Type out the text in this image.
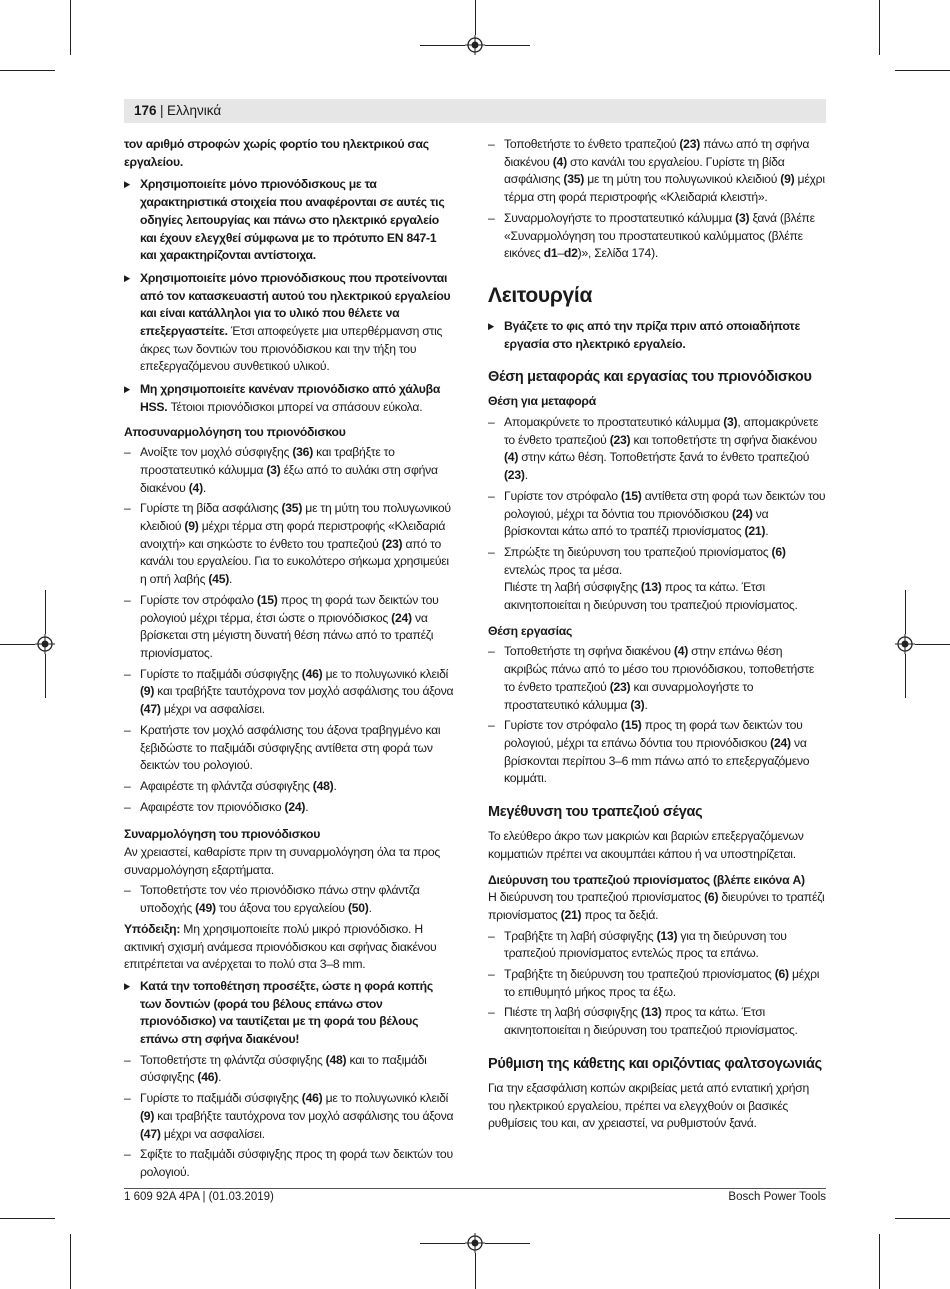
176 | Ελληνικά

τον αριθμό στροφών χωρίς φορτίο του ηλεκτρικού σας εργαλείου.

▶ Χρησιμοποιείτε μόνο πριονόδισκους με τα χαρακτηριστικά στοιχεία που αναφέρονται σε αυτές τις οδηγίες λειτουργίας και πάνω στο ηλεκτρικό εργαλείο και έχουν ελεγχθεί σύμφωνα με το πρότυπο EN 847-1 και χαρακτηρίζονται αντίστοιχα.

▶ Χρησιμοποιείτε μόνο πριονόδισκους που προτείνονται από τον κατασκευαστή αυτού του ηλεκτρικού εργαλείου και είναι κατάλληλοι για το υλικό που θέλετε να επεξεργαστείτε. Έτσι αποφεύγετε μια υπερθέρμανση στις άκρες των δοντιών του πριονόδισκου και την τήξη του επεξεργαζόμενου συνθετικού υλικού.

▶ Μη χρησιμοποιείτε κανέναν πριονόδισκο από χάλυβα HSS. Τέτοιοι πριονόδισκοι μπορεί να σπάσουν εύκολα.

Αποσυναρμολόγηση του πριονόδισκου

– Ανοίξτε τον μοχλό σύσφιγξης (36) και τραβήξτε το προστατευτικό κάλυμμα (3) έξω από το αυλάκι στη σφήνα διακένου (4).

– Γυρίστε τη βίδα ασφάλισης (35) με τη μύτη του πολυγωνικού κλειδιού (9) μέχρι τέρμα στη φορά περιστροφής «Κλειδαριά ανοιχτή» και σηκώστε το ένθετο του τραπεζιού (23) από το κανάλι του εργαλείου. Για το ευκολότερο σήκωμα χρησιμεύει η οπή λαβής (45).

– Γυρίστε τον στρόφαλο (15) προς τη φορά των δεικτών του ρολογιού μέχρι τέρμα, έτσι ώστε ο πριονόδισκος (24) να βρίσκεται στη μέγιστη δυνατή θέση πάνω από το τραπέζι πριονίσματος.

– Γυρίστε το παξιμάδι σύσφιγξης (46) με το πολυγωνικό κλειδί (9) και τραβήξτε ταυτόχρονα τον μοχλό ασφάλισης του άξονα (47) μέχρι να ασφαλίσει.

– Κρατήστε τον μοχλό ασφάλισης του άξονα τραβηγμένο και ξεβιδώστε το παξιμάδι σύσφιγξης αντίθετα στη φορά των δεικτών του ρολογιού.

– Αφαιρέστε τη φλάντζα σύσφιγξης (48).

– Αφαιρέστε τον πριονόδισκο (24).

Συναρμολόγηση του πριονόδισκου

Αν χρειαστεί, καθαρίστε πριν τη συναρμολόγηση όλα τα προς συναρμολόγηση εξαρτήματα.

– Τοποθετήστε τον νέο πριονόδισκο πάνω στην φλάντζα υποδοχής (49) του άξονα του εργαλείου (50).

Υπόδειξη: Μη χρησιμοποιείτε πολύ μικρό πριονόδισκο. Η ακτινική σχισμή ανάμεσα πριονόδισκου και σφήνας διακένου επιτρέπεται να ανέρχεται το πολύ στα 3–8 mm.

▶ Κατά την τοποθέτηση προσέξτε, ώστε η φορά κοπής των δοντιών (φορά του βέλους επάνω στον πριονόδισκο) να ταυτίζεται με τη φορά του βέλους επάνω στη σφήνα διακένου!

– Τοποθετήστε τη φλάντζα σύσφιγξης (48) και το παξιμάδι σύσφιγξης (46).

– Γυρίστε το παξιμάδι σύσφιγξης (46) με το πολυγωνικό κλειδί (9) και τραβήξτε ταυτόχρονα τον μοχλό ασφάλισης του άξονα (47) μέχρι να ασφαλίσει.

– Σφίξτε το παξιμάδι σύσφιγξης προς τη φορά των δεικτών του ρολογιού.

– Τοποθετήστε το ένθετο τραπεζιού (23) πάνω από τη σφήνα διακένου (4) στο κανάλι του εργαλείου. Γυρίστε τη βίδα ασφάλισης (35) με τη μύτη του πολυγωνικού κλειδιού (9) μέχρι τέρμα στη φορά περιστροφής «Κλειδαριά κλειστή».

– Συναρμολογήστε το προστατευτικό κάλυμμα (3) ξανά (βλέπε «Συναρμολόγηση του προστατευτικού καλύμματος (βλέπε εικόνες d1–d2)», Σελίδα 174).

Λειτουργία

▶ Βγάζετε το φις από την πρίζα πριν από οποιαδήποτε εργασία στο ηλεκτρικό εργαλείο.

Θέση μεταφοράς και εργασίας του πριονόδισκου

Θέση για μεταφορά

– Απομακρύνετε το προστατευτικό κάλυμμα (3), απομακρύνετε το ένθετο τραπεζιού (23) και τοποθετήστε τη σφήνα διακένου (4) στην κάτω θέση. Τοποθετήστε ξανά το ένθετο τραπεζιού (23).

– Γυρίστε τον στρόφαλο (15) αντίθετα στη φορά των δεικτών του ρολογιού, μέχρι τα δόντια του πριονόδισκου (24) να βρίσκονται κάτω από το τραπέζι πριονίσματος (21).

– Σπρώξτε τη διεύρυνση του τραπεζιού πριονίσματος (6) εντελώς προς τα μέσα.
Πιέστε τη λαβή σύσφιγξης (13) προς τα κάτω. Έτσι ακινητοποιείται η διεύρυνση του τραπεζιού πριονίσματος.

Θέση εργασίας

– Τοποθετήστε τη σφήνα διακένου (4) στην επάνω θέση ακριβώς πάνω από το μέσο του πριονόδισκου, τοποθετήστε το ένθετο τραπεζιού (23) και συναρμολογήστε το προστατευτικό κάλυμμα (3).

– Γυρίστε τον στρόφαλο (15) προς τη φορά των δεικτών του ρολογιού, μέχρι τα επάνω δόντια του πριονόδισκου (24) να βρίσκονται περίπου 3–6 mm πάνω από το επεξεργαζόμενο κομμάτι.

Μεγέθυνση του τραπεζιού σέγας

Το ελεύθερο άκρο των μακριών και βαριών επεξεργαζόμενων κομματιών πρέπει να ακουμπάει κάπου ή να υποστηρίζεται.

Διεύρυνση του τραπεζιού πριονίσματος (βλέπε εικόνα A)

Η διεύρυνση του τραπεζιού πριονίσματος (6) διευρύνει το τραπέζι πριονίσματος (21) προς τα δεξιά.

– Τραβήξτε τη λαβή σύσφιγξης (13) για τη διεύρυνση του τραπεζιού πριονίσματος εντελώς προς τα επάνω.

– Τραβήξτε τη διεύρυνση του τραπεζιού πριονίσματος (6) μέχρι το επιθυμητό μήκος προς τα έξω.

– Πιέστε τη λαβή σύσφιγξης (13) προς τα κάτω. Έτσι ακινητοποιείται η διεύρυνση του τραπεζιού πριονίσματος.

Ρύθμιση της κάθετης και οριζόντιας φαλτσογωνιάς

Για την εξασφάλιση κοπών ακριβείας μετά από εντατική χρήση του ηλεκτρικού εργαλείου, πρέπει να ελεγχθούν οι βασικές ρυθμίσεις του και, αν χρειαστεί, να ρυθμιστούν ξανά.

1 609 92A 4PA | (01.03.2019)	Bosch Power Tools
